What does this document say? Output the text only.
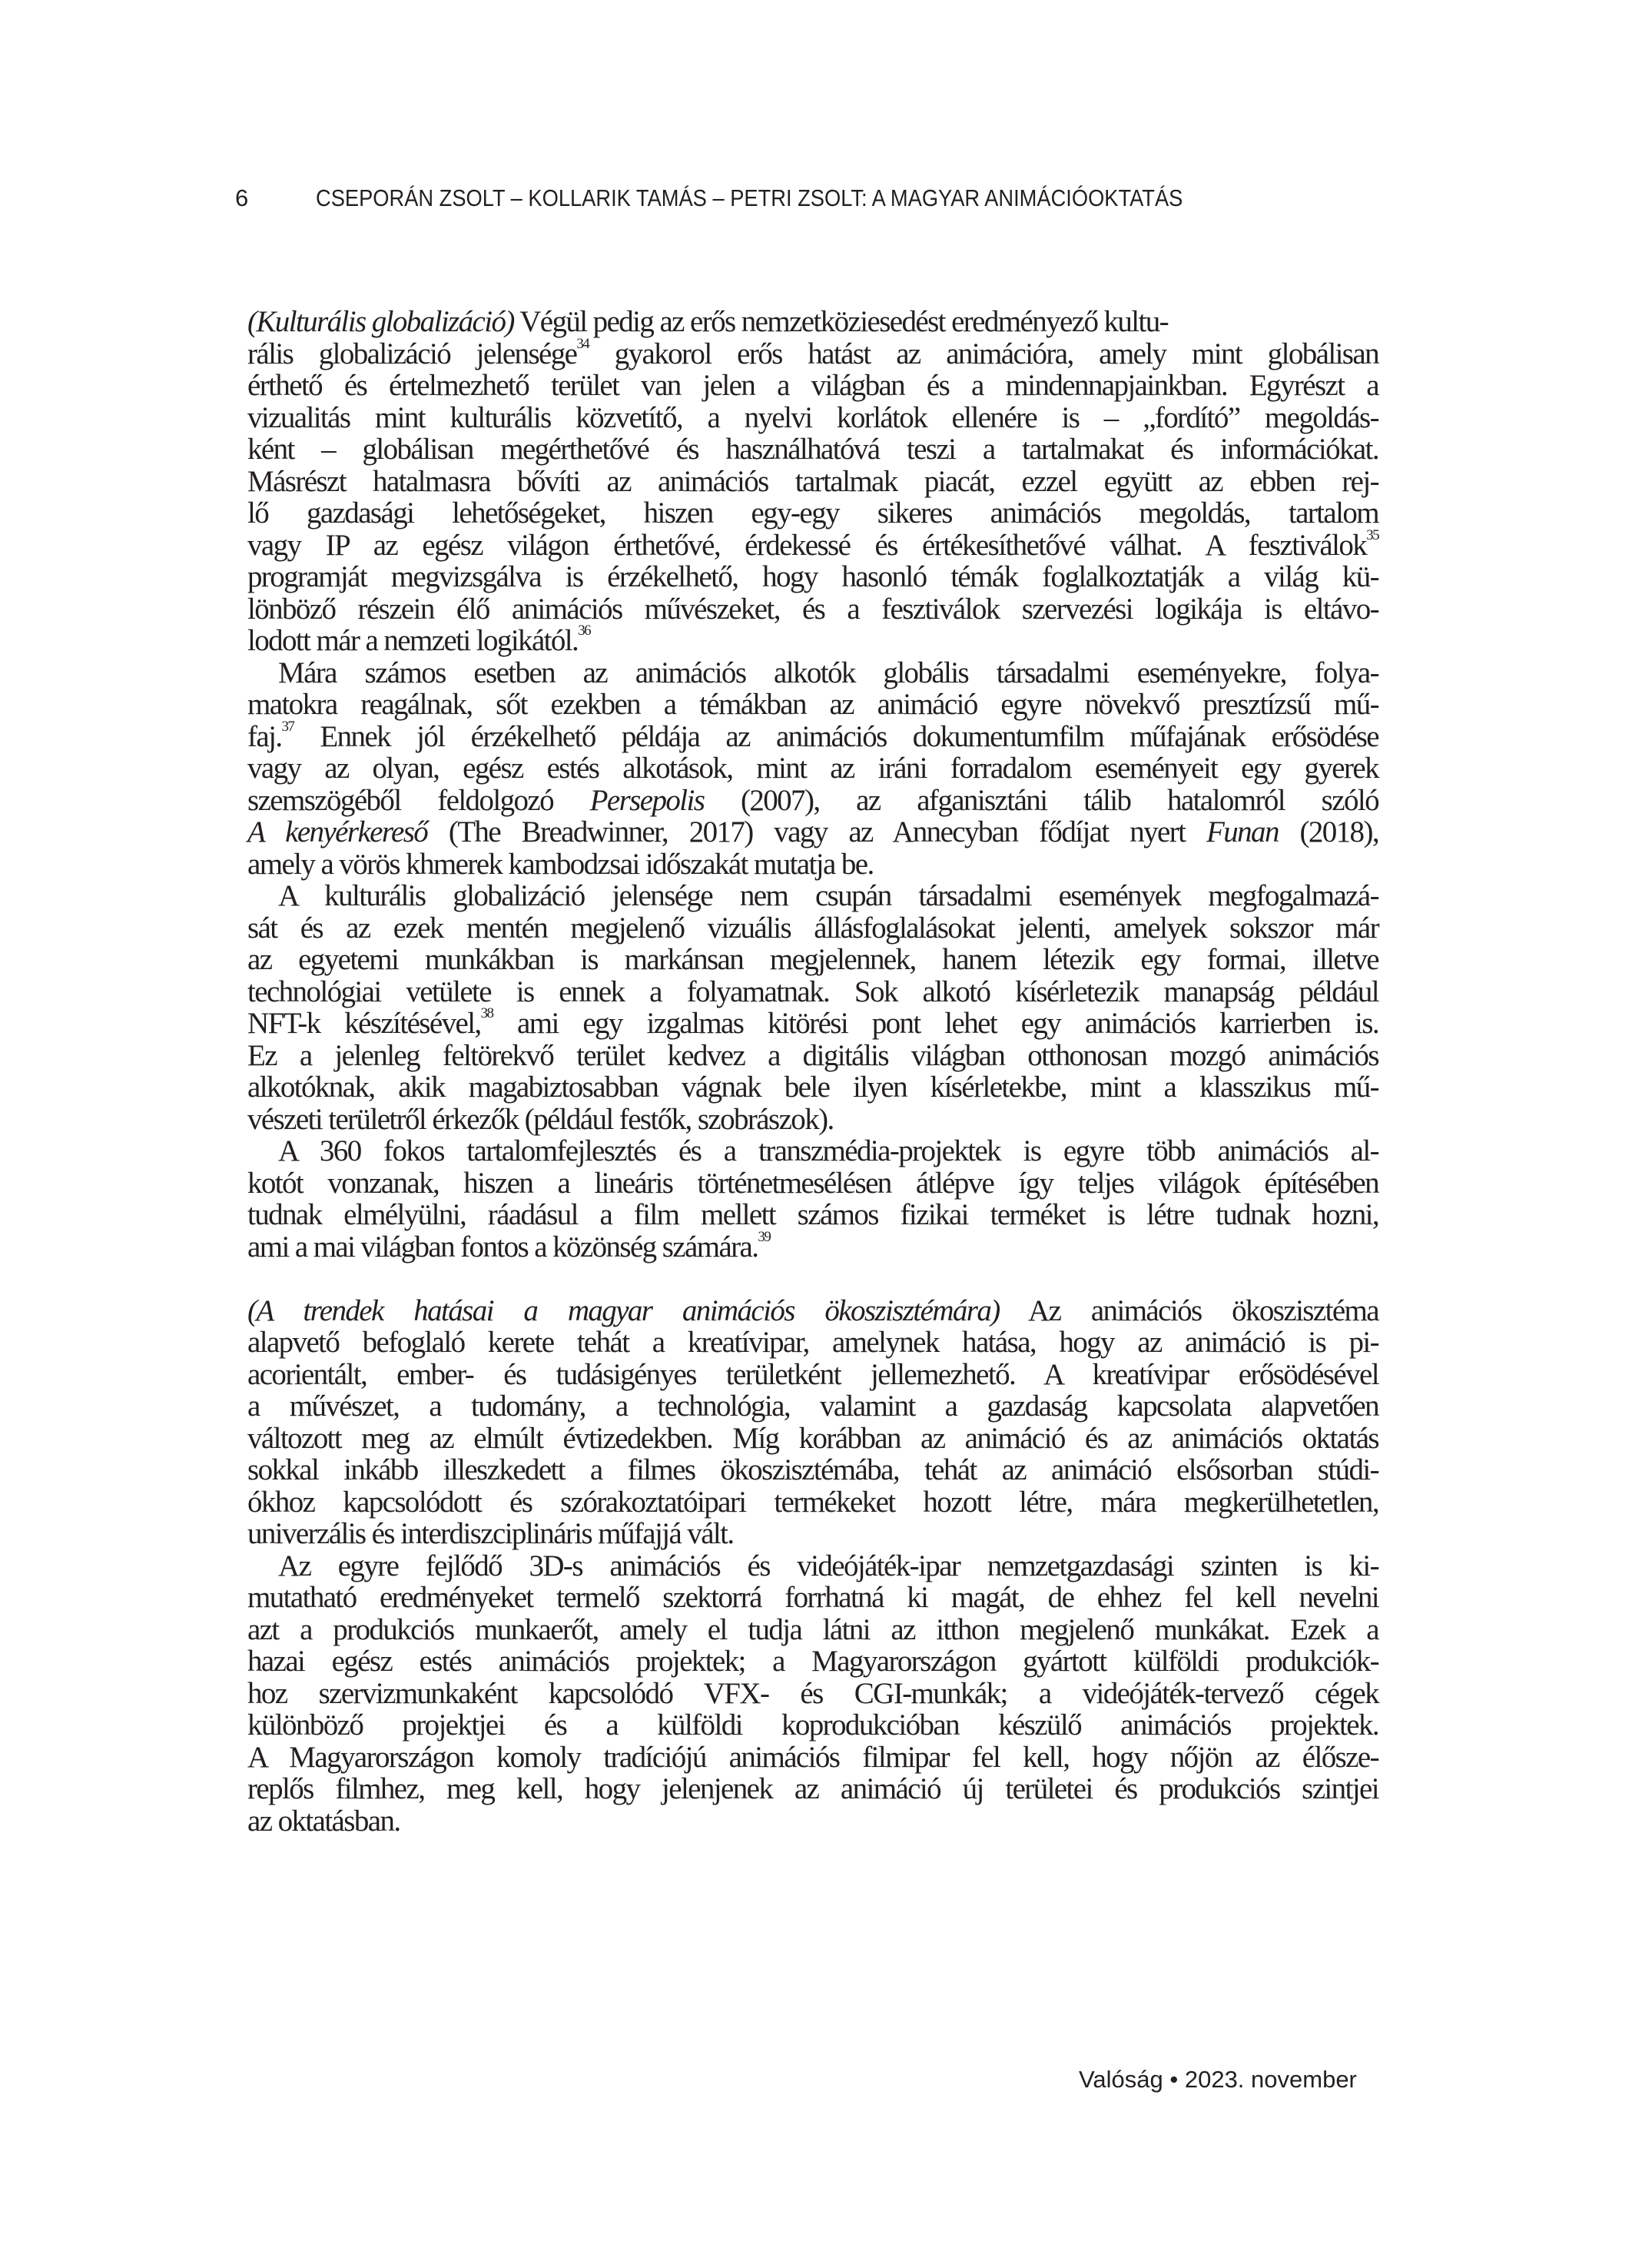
6	CSEPORÁN ZSOLT – KOLLARIK TAMÁS – PETRI ZSOLT: A MAGYAR ANIMÁCIÓOKTATÁS
(Kulturális globalizáció) Végül pedig az erős nemzetköziesedést eredményező kultu-
rális globalizáció jelensége$^{34}$ gyakorol erős hatást az animációra, amely mint globálisan
érthető és értelmezhető terület van jelen a világban és a mindennapjainkban. Egyrészt a
vizualitás mint kulturális közvetítő, a nyelvi korlátok ellenére is – „fordító” megoldás-
ként – globálisan megérthetővé és használhatóvá teszi a tartalmakat és információkat.
Másrészt hatalmasra bővíti az animációs tartalmak piacát, ezzel együtt az ebben rej-
lő gazdasági lehetőségeket, hiszen egy-egy sikeres animációs megoldás, tartalom
vagy IP az egész világon érthetővé, érdekessé és értékesíthetővé válhat. A fesztiválok$^{35}$
programját megvizsgálva is érzékelhető, hogy hasonló témák foglalkoztatják a világ kü-
lönböző részein élő animációs művészeket, és a fesztiválok szervezési logikája is eltávo-
lodott már a nemzeti logikától.$^{36}$
Mára számos esetben az animációs alkotók globális társadalmi eseményekre, folya-
matokra reagálnak, sőt ezekben a témákban az animáció egyre növekvő presztízsű mű-
faj.$^{37}$ Ennek jól érzékelhető példája az animációs dokumentumfilm műfajának erősödése
vagy az olyan, egész estés alkotások, mint az iráni forradalom eseményeit egy gyerek
szemszögéből feldolgozó Persepolis (2007), az afganisztáni tálib hatalomról szóló
A kenyérkereső (The Breadwinner, 2017) vagy az Annecyban fődíjat nyert Funan (2018),
amely a vörös khmerek kambodzsai időszakát mutatja be.
A kulturális globalizáció jelensége nem csupán társadalmi események megfogalmazá-
sát és az ezek mentén megjelenő vizuális állásfoglalásokat jelenti, amelyek sokszor már
az egyetemi munkákban is markánsan megjelennek, hanem létezik egy formai, illetve
technológiai vetülete is ennek a folyamatnak. Sok alkotó kísérletezik manapság például
NFT-k készítésével,$^{38}$ ami egy izgalmas kitörési pont lehet egy animációs karrierben is.
Ez a jelenleg feltörekvő terület kedvez a digitális világban otthonosan mozgó animációs
alkotóknak, akik magabiztosabban vágnak bele ilyen kísérletekbe, mint a klasszikus mű-
vészeti területről érkezők (például festők, szobrászok).
A 360 fokos tartalomfejlesztés és a transzmédia-projektek is egyre több animációs al-
kotót vonzanak, hiszen a lineáris történetmesélésen átlépve így teljes világok építésében
tudnak elmélyülni, ráadásul a film mellett számos fizikai terméket is létre tudnak hozni,
ami a mai világban fontos a közönség számára.$^{39}$
(A trendek hatásai a magyar animációs ökoszisztémára) Az animációs ökoszisztéma
alapvető befoglaló kerete tehát a kreatívipar, amelynek hatása, hogy az animáció is pi-
acorientált, ember- és tudásigényes területként jellemezhető. A kreatívipar erősödésével
a művészet, a tudomány, a technológia, valamint a gazdaság kapcsolata alapvetően
változott meg az elmúlt évtizedekben. Míg korábban az animáció és az animációs oktatás
sokkal inkább illeszkedett a filmes ökoszisztémába, tehát az animáció elsősorban stúdi-
ókhoz kapcsolódott és szórakoztatóipari termékeket hozott létre, mára megkerülhetetlen,
univerzális és interdiszciplináris műfajjá vált.
Az egyre fejlődő 3D-s animációs és videójáték-ipar nemzetgazdasági szinten is ki-
mutatható eredményeket termelő szektorrá forrhatná ki magát, de ehhez fel kell nevelni
azt a produkciós munkaerőt, amely el tudja látni az itthon megjelenő munkákat. Ezek a
hazai egész estés animációs projektek; a Magyarországon gyártott külföldi produkciók-
hoz szervizmunkaként kapcsolódó VFX- és CGI-munkák; a videójáték-tervező cégek
különböző projektjei és a külföldi koprodukcióban készülő animációs projektek.
A Magyarországon komoly tradíciójú animációs filmipar fel kell, hogy nőjön az élősze-
replős filmhez, meg kell, hogy jelenjenek az animáció új területei és produkciós szintjei
az oktatásban.
Valóság • 2023. november
